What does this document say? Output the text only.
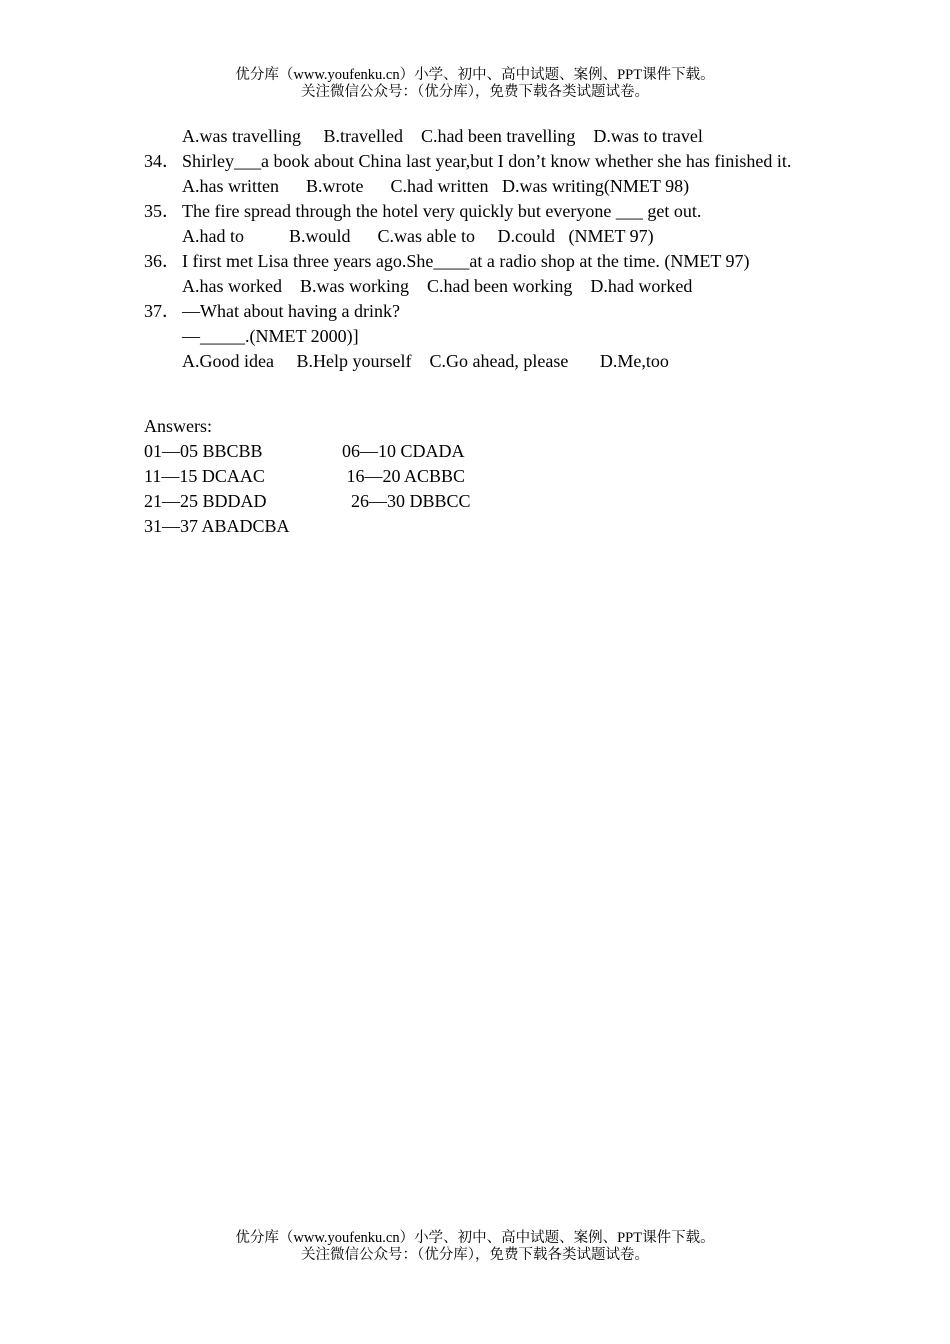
优分库（www.youfenku.cn）小学、初中、高中试题、案例、PPT课件下载。
关注微信公众号：（优分库），免费下载各类试题试卷。
A.was travelling     B.travelled    C.had been travelling    D.was to travel
34． Shirley___a book about China last year,but I don’t know whether she has finished it.
A.has written      B.wrote      C.had written   D.was writing(NMET 98)
35． The fire spread through the hotel very quickly but everyone ___ get out.
A.had to          B.would      C.was able to     D.could   (NMET 97)
36． I first met Lisa three years ago.She____at a radio shop at the time. (NMET 97)
A.has worked    B.was working    C.had been working    D.had worked
37． —What about having a drink?
—_____.(NMET 2000)]
A.Good idea     B.Help yourself    C.Go ahead, please       D.Me,too
Answers:
01—05 BBCBB	06—10 CDADA
11—15 DCAAC	16—20 ACBBC
21—25 BDDAD	26—30 DBBCC
31—37 ABADCBA
优分库（www.youfenku.cn）小学、初中、高中试题、案例、PPT课件下载。
关注微信公众号：（优分库），免费下载各类试题试卷。
